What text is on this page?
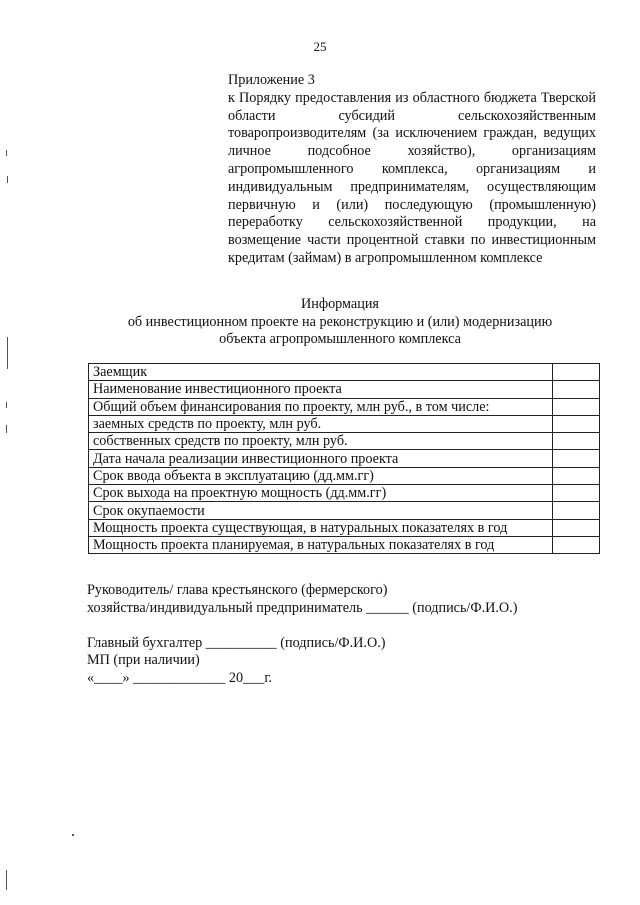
25

Приложение 3

к Порядку предоставления из областного бюджета Тверской области субсидий сельскохозяйственным товаропроизводителям (за исключением граждан, ведущих личное подсобное хозяйство), организациям агропромышленного комплекса, организациям и индивидуальным предпринимателям, осуществляющим первичную и (или) последующую (промышленную) переработку сельскохозяйственной продукции, на возмещение части процентной ставки по инвестиционным кредитам (займам) в агропромышленном комплексе

Информация
об инвестиционном проекте на реконструкцию и (или) модернизацию
объекта агропромышленного комплекса
Заемщик	
Наименование инвестиционного проекта	
Общий объем финансирования по проекту, млн руб., в том числе:	
заемных средств по проекту, млн руб.	
собственных средств по проекту, млн руб.	
Дата начала реализации инвестиционного проекта	
Срок ввода объекта в эксплуатацию (дд.мм.гг)	
Срок выхода на проектную мощность (дд.мм.гг)	
Срок окупаемости	
Мощность проекта существующая, в натуральных показателях в год	
Мощность проекта планируемая, в натуральных показателях в год	

Руководитель/ глава крестьянского (фермерского)

хозяйства/индивидуальный предприниматель ______ (подпись/Ф.И.О.)

Главный бухгалтер __________ (подпись/Ф.И.О.)

МП (при наличии)

«____» _____________ 20___г.
